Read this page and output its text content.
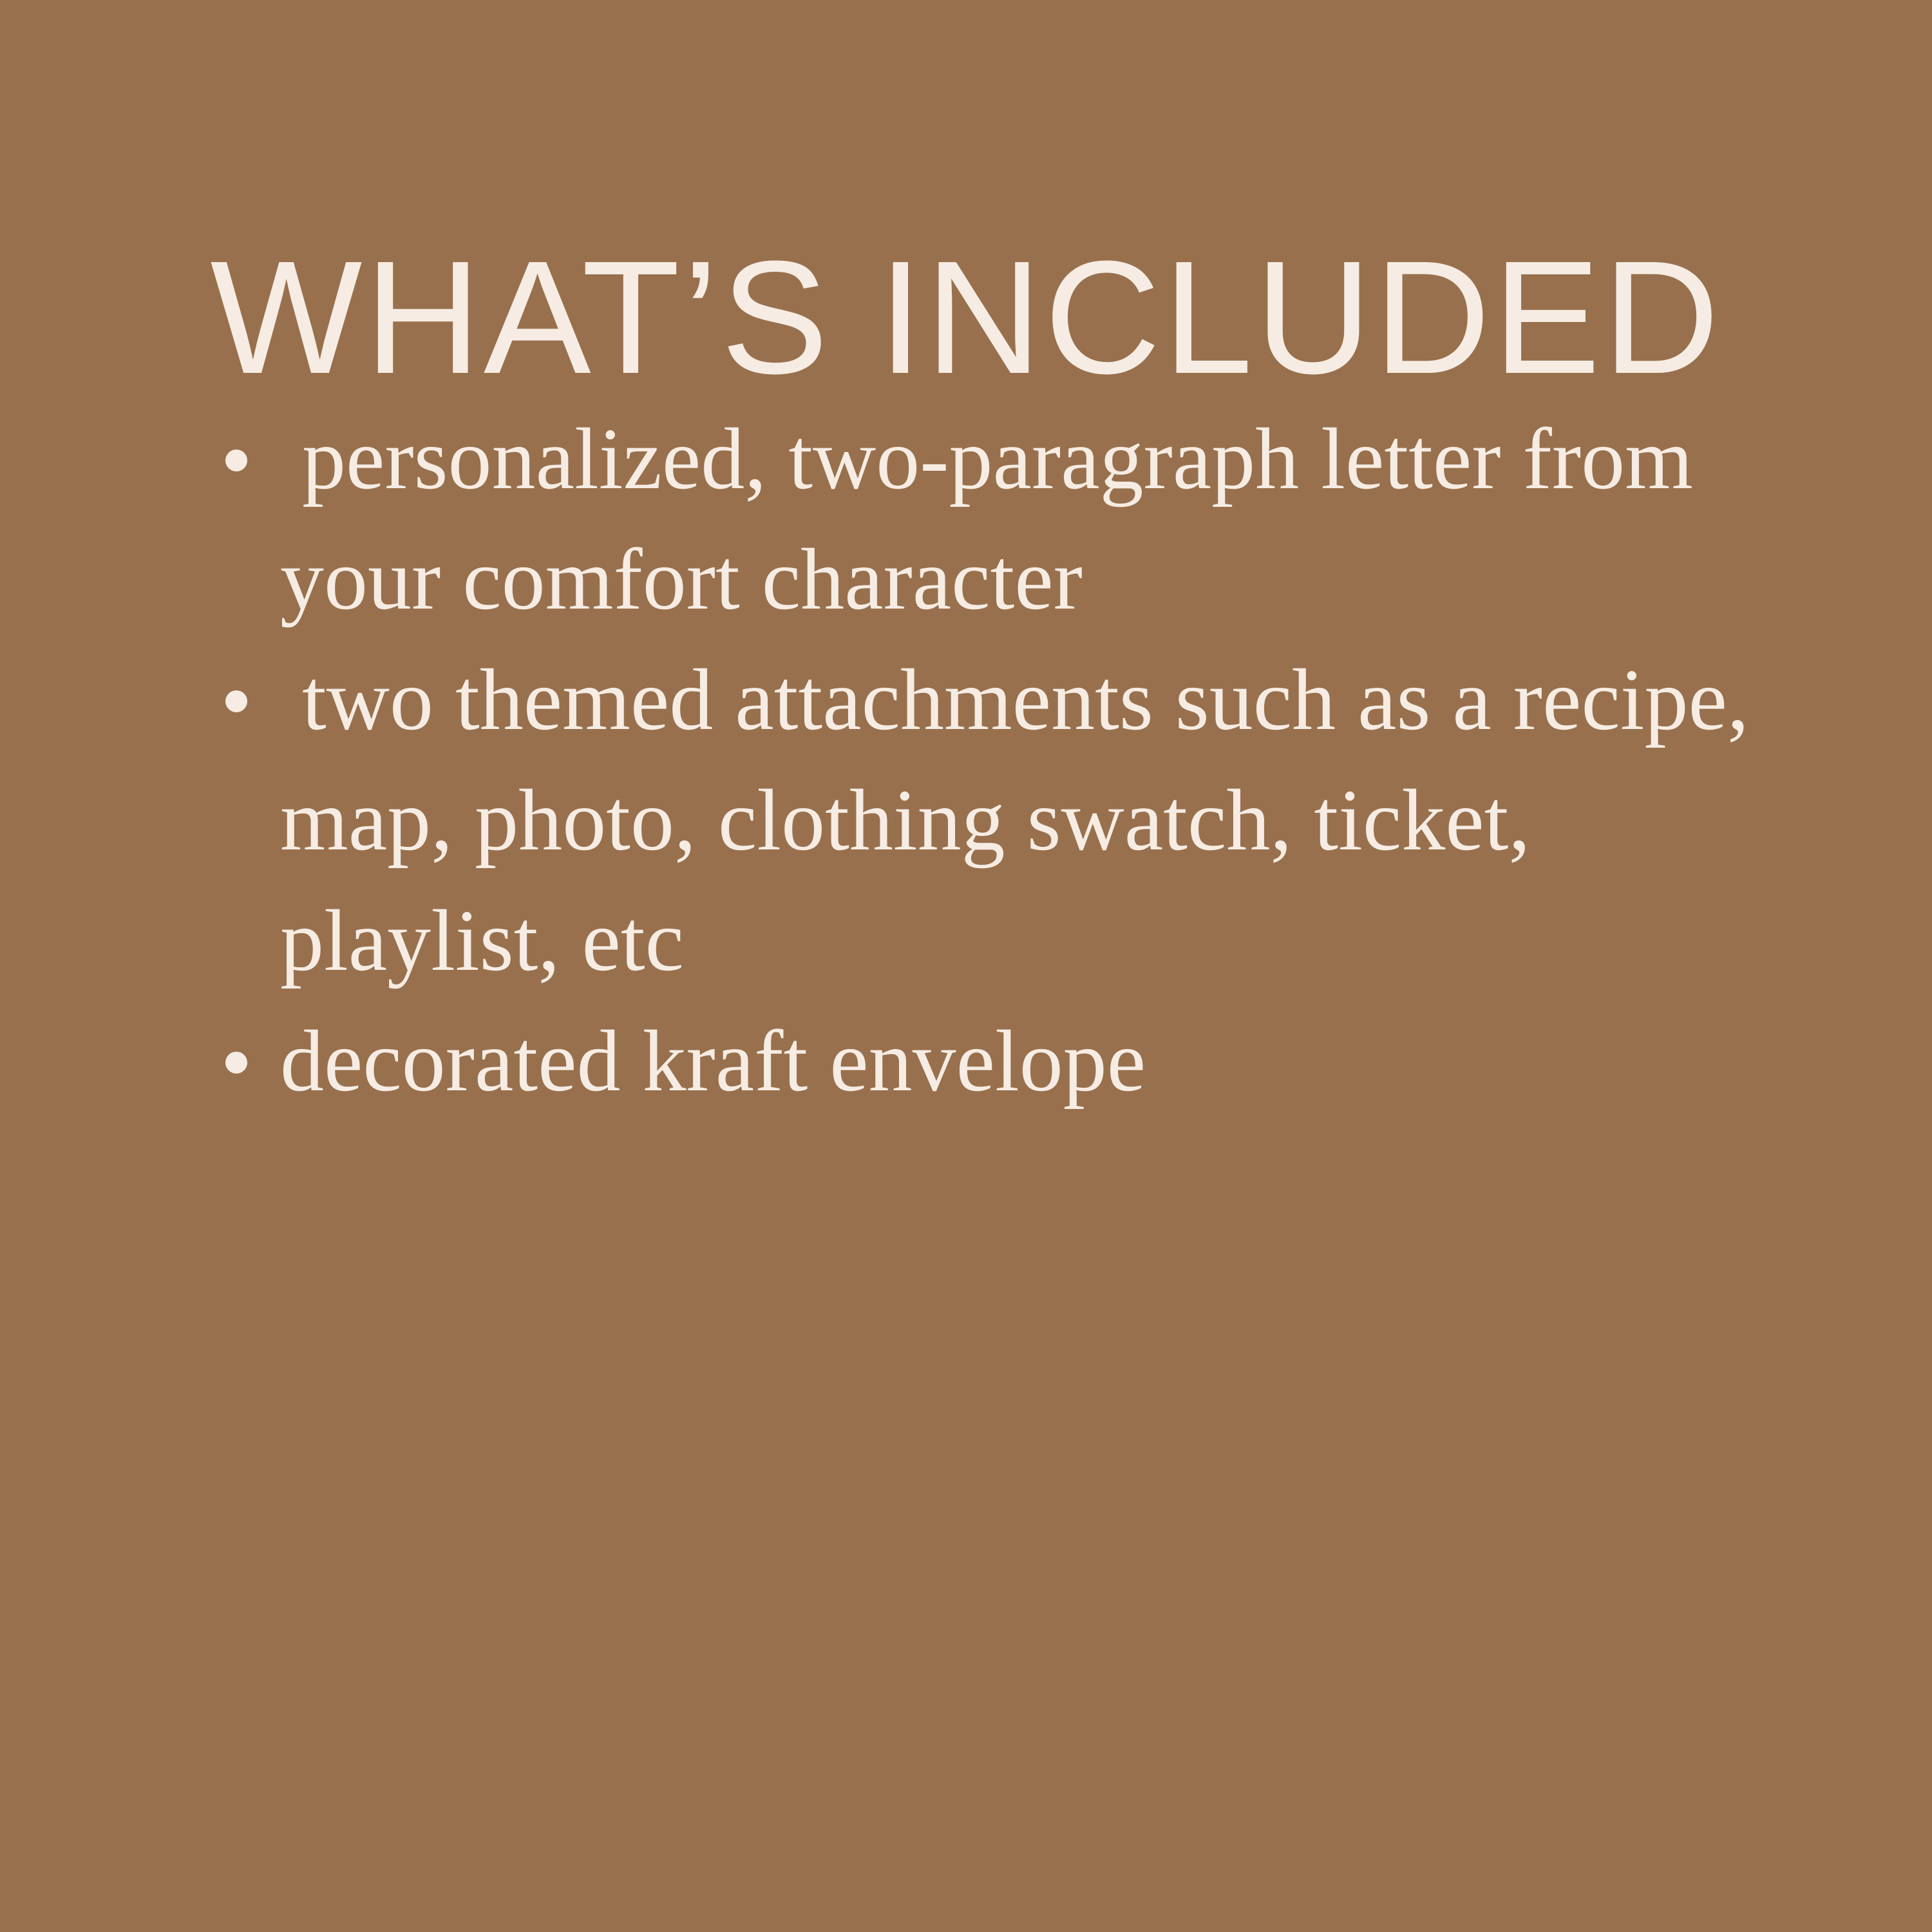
WHAT’S INCLUDED
personalized, two-paragraph letter from your comfort character
two themed attachments such as a recipe, map, photo, clothing swatch, ticket, playlist, etc
decorated kraft envelope
